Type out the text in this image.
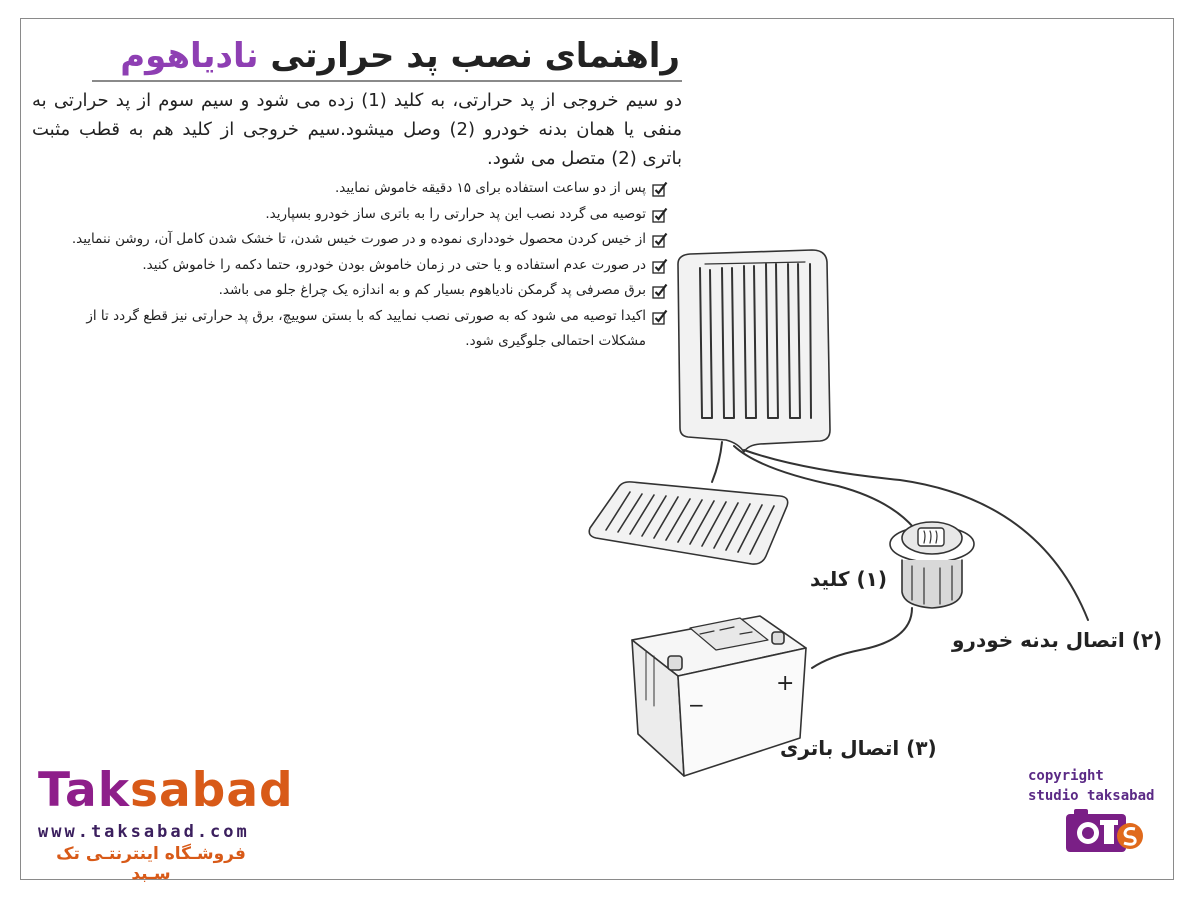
راهنمای نصب پد حرارتی نادیاهوم
دو سیم خروجی از پد حرارتی، به کلید (1) زده می شود و سیم سوم از پد حرارتی به منفی یا همان بدنه خودرو (2) وصل میشود.سیم خروجی از کلید هم به قطب مثبت باتری (2) متصل می شود.
پس از دو ساعت استفاده برای ۱۵ دقیقه خاموش نمایید.
توصیه می گردد نصب این پد حرارتی را به باتری ساز خودرو بسپارید.
از خیس کردن محصول خودداری نموده و در صورت خیس شدن، تا خشک شدن کامل آن، روشن ننمایید.
در صورت عدم استفاده و یا حتی در زمان خاموش بودن خودرو، حتما دکمه را خاموش کنید.
برق مصرفی پد گرمکن نادیاهوم بسیار کم و به اندازه یک چراغ جلو می باشد.
اکیدا توصیه می شود که به صورتی نصب نمایید که با بستن سوییچ، برق پد حرارتی نیز قطع گردد تا از مشکلات احتمالی جلوگیری شود.
+
−
(۱) کلید
(۲) اتصال بدنه خودرو
(۳) اتصال باتری
Taksabad
www.taksabad.com
فروشـگاه اینترنتـی تک سـبد
copyright
studio taksabad
